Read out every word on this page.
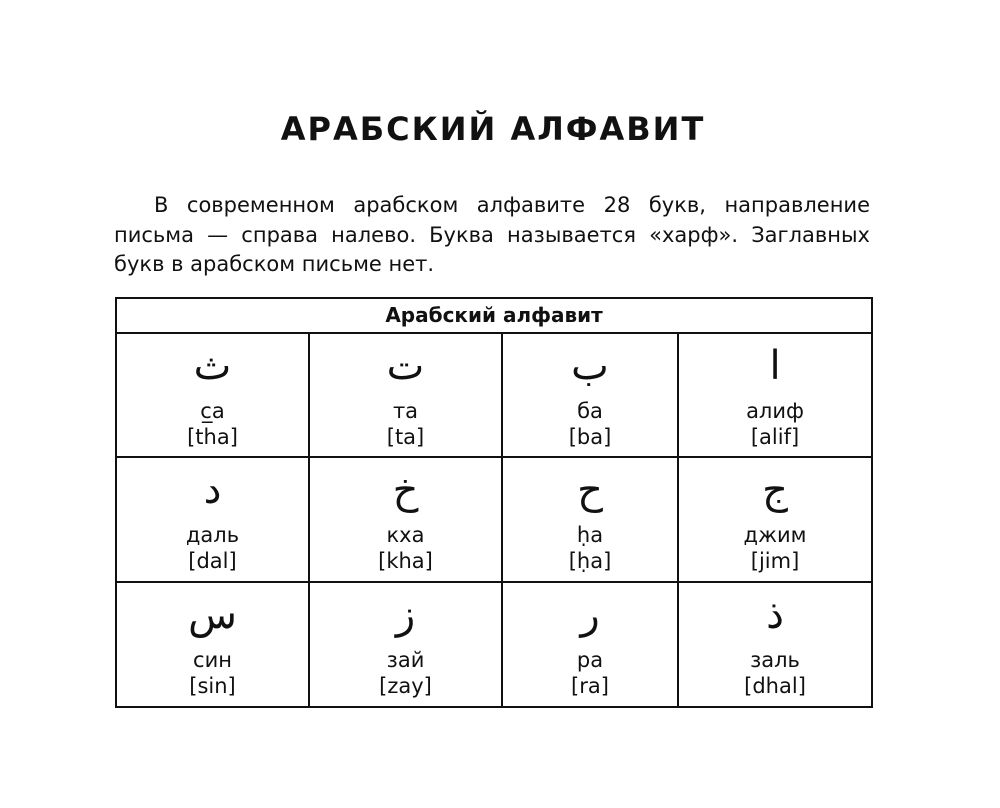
АРАБСКИЙ АЛФАВИТ

В современном арабском алфавите 28 букв, направление письма — справа налево. Буква называется «харф». Заглавных букв в арабском письме нет.

Арабский алфавит			

ث
c̲a
[tha]	ت
та
[ta]	ب
ба
[ba]	ا
алиф
[alif]

د
даль
[dal]	خ
кха
[kha]	ح
ḥa
[ḥa]	ج
джим
[jim]

س
син
[sin]	ز
зай
[zay]	ر
ра
[ra]	ذ
заль
[dhal]
